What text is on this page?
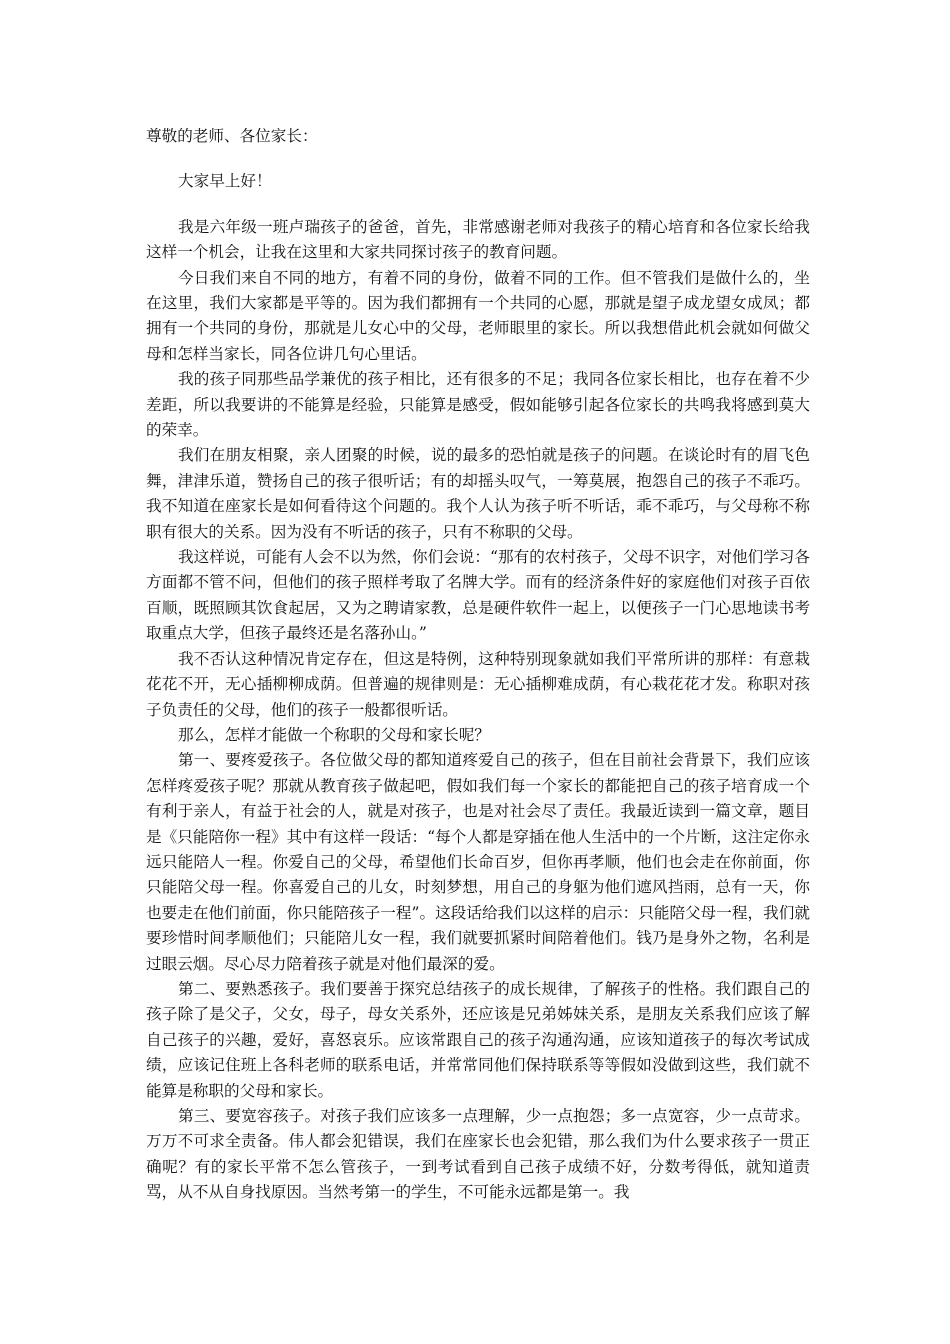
尊敬的老师、各位家长：

大家早上好！

我是六年级一班卢瑞孩子的爸爸，首先，非常感谢老师对我孩子的精心培育和各位家长给我这样一个机会，让我在这里和大家共同探讨孩子的教育问题。

今日我们来自不同的地方，有着不同的身份，做着不同的工作。但不管我们是做什么的，坐在这里，我们大家都是平等的。因为我们都拥有一个共同的心愿，那就是望子成龙望女成凤；都拥有一个共同的身份，那就是儿女心中的父母，老师眼里的家长。所以我想借此机会就如何做父母和怎样当家长，同各位讲几句心里话。

我的孩子同那些品学兼优的孩子相比，还有很多的不足；我同各位家长相比，也存在着不少差距，所以我要讲的不能算是经验，只能算是感受，假如能够引起各位家长的共鸣我将感到莫大的荣幸。

我们在朋友相聚，亲人团聚的时候，说的最多的恐怕就是孩子的问题。在谈论时有的眉飞色舞，津津乐道，赞扬自己的孩子很听话；有的却摇头叹气，一筹莫展，抱怨自己的孩子不乖巧。我不知道在座家长是如何看待这个问题的。我个人认为孩子听不听话，乖不乖巧，与父母称不称职有很大的关系。因为没有不听话的孩子，只有不称职的父母。

我这样说，可能有人会不以为然，你们会说：“那有的农村孩子，父母不识字，对他们学习各方面都不管不问，但他们的孩子照样考取了名牌大学。而有的经济条件好的家庭他们对孩子百依百顺，既照顾其饮食起居，又为之聘请家教，总是硬件软件一起上，以便孩子一门心思地读书考取重点大学，但孩子最终还是名落孙山。”

我不否认这种情况肯定存在，但这是特例，这种特别现象就如我们平常所讲的那样：有意栽花花不开，无心插柳柳成荫。但普遍的规律则是：无心插柳难成荫，有心栽花花才发。称职对孩子负责任的父母，他们的孩子一般都很听话。

那么，怎样才能做一个称职的父母和家长呢？

第一、要疼爱孩子。各位做父母的都知道疼爱自己的孩子，但在目前社会背景下，我们应该怎样疼爱孩子呢？那就从教育孩子做起吧，假如我们每一个家长的都能把自己的孩子培育成一个有利于亲人，有益于社会的人，就是对孩子，也是对社会尽了责任。我最近读到一篇文章，题目是《只能陪你一程》其中有这样一段话：“每个人都是穿插在他人生活中的一个片断，这注定你永远只能陪人一程。你爱自己的父母，希望他们长命百岁，但你再孝顺，他们也会走在你前面，你只能陪父母一程。你喜爱自己的儿女，时刻梦想，用自己的身躯为他们遮风挡雨，总有一天，你也要走在他们前面，你只能陪孩子一程”。这段话给我们以这样的启示：只能陪父母一程，我们就要珍惜时间孝顺他们；只能陪儿女一程，我们就要抓紧时间陪着他们。钱乃是身外之物，名利是过眼云烟。尽心尽力陪着孩子就是对他们最深的爱。

第二、要熟悉孩子。我们要善于探究总结孩子的成长规律，了解孩子的性格。我们跟自己的孩子除了是父子，父女，母子，母女关系外，还应该是兄弟姊妹关系，是朋友关系我们应该了解自己孩子的兴趣，爱好，喜怒哀乐。应该常跟自己的孩子沟通沟通，应该知道孩子的每次考试成绩，应该记住班上各科老师的联系电话，并常常同他们保持联系等等假如没做到这些，我们就不能算是称职的父母和家长。

第三、要宽容孩子。对孩子我们应该多一点理解，少一点抱怨；多一点宽容，少一点苛求。万万不可求全责备。伟人都会犯错误，我们在座家长也会犯错，那么我们为什么要求孩子一贯正确呢？有的家长平常不怎么管孩子，一到考试看到自己孩子成绩不好，分数考得低，就知道责骂，从不从自身找原因。当然考第一的学生，不可能永远都是第一。我
